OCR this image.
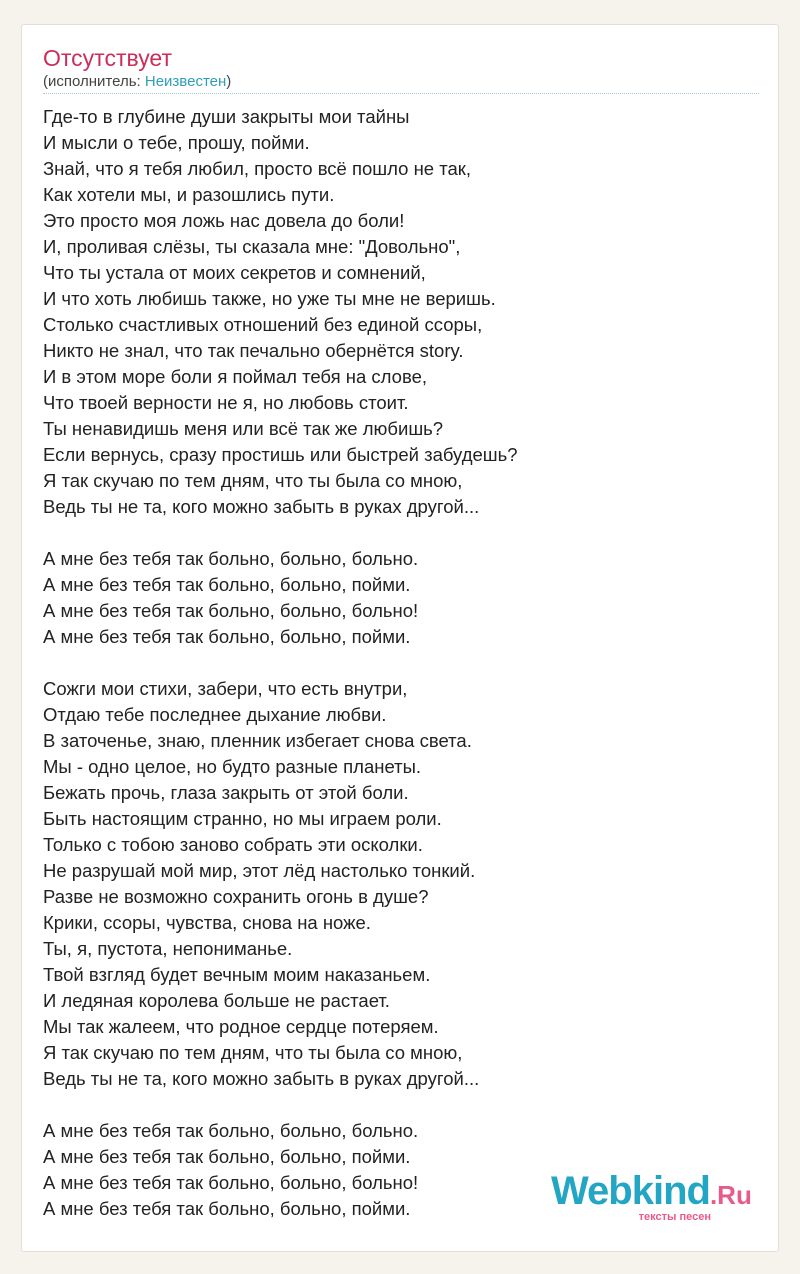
Отсутствует
(исполнитель: Неизвестен)
Где-то в глубине души закрыты мои тайны
И мысли о тебе, прошу, пойми.
Знай, что я тебя любил, просто всё пошло не так,
Как хотели мы, и разошлись пути.
Это просто моя ложь нас довела до боли!
И, проливая слёзы, ты сказала мне: "Довольно",
Что ты устала от моих секретов и сомнений,
И что хоть любишь также, но уже ты мне не веришь.
Столько счастливых отношений без единой ссоры,
Никто не знал, что так печально обернётся story.
И в этом море боли я поймал тебя на слове,
Что твоей верности не я, но любовь стоит.
Ты ненавидишь меня или всё так же любишь?
Если вернусь, сразу простишь или быстрей забудешь?
Я так скучаю по тем дням, что ты была со мною,
Ведь ты не та, кого можно забыть в руках другой...

А мне без тебя так больно, больно, больно.
А мне без тебя так больно, больно, пойми.
А мне без тебя так больно, больно, больно!
А мне без тебя так больно, больно, пойми.

Сожги мои стихи, забери, что есть внутри,
Отдаю тебе последнее дыхание любви.
В заточенье, знаю, пленник избегает снова света.
Мы - одно целое, но будто разные планеты.
Бежать прочь, глаза закрыть от этой боли.
Быть настоящим странно, но мы играем роли.
Только с тобою заново собрать эти осколки.
Не разрушай мой мир, этот лёд настолько тонкий.
Разве не возможно сохранить огонь в душе?
Крики, ссоры, чувства, снова на ноже.
Ты, я, пустота, непониманье.
Твой взгляд будет вечным моим наказаньем.
И ледяная королева больше не растает.
Мы так жалеем, что родное сердце потеряем.
Я так скучаю по тем дням, что ты была со мною,
Ведь ты не та, кого можно забыть в руках другой...

А мне без тебя так больно, больно, больно.
А мне без тебя так больно, больно, пойми.
А мне без тебя так больно, больно, больно!
А мне без тебя так больно, больно, пойми.	Webkind.Ru
тексты песен
